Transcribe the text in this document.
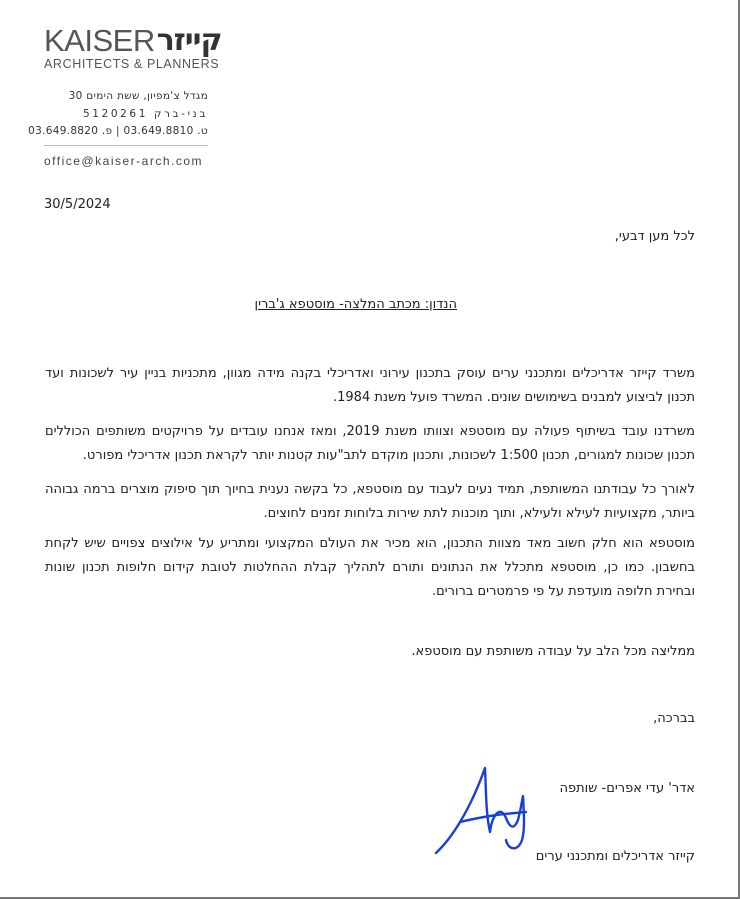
KAISER קייזר
ARCHITECTS & PLANNERS
מגדל צ'מפיון, ששת הימים 30
בני-ברק 5120261
ט. 03.649.8810 | פ. 03.649.8820
office@kaiser-arch.com
30/5/2024
לכל מען דבעי,
הנדון: מכתב המלצה- מוסטפא ג'ברין

משרד קייזר אדריכלים ומתכנני ערים עוסק בתכנון עירוני ואדריכלי בקנה מידה מגוון, מתכניות בניין עיר לשכונות ועד תכנון לביצוע למבנים בשימושים שונים. המשרד פועל משנת 1984.

משרדנו עובד בשיתוף פעולה עם מוסטפא וצוותו משנת 2019, ומאז אנחנו עובדים על פרויקטים משותפים הכוללים תכנון שכונות למגורים, תכנון 1:500 לשכונות, ותכנון מוקדם לתב"עות קטנות יותר לקראת תכנון אדריכלי מפורט.

לאורך כל עבודתנו המשותפת, תמיד נעים לעבוד עם מוסטפא, כל בקשה נענית בחיוך תוך סיפוק מוצרים ברמה גבוהה ביותר, מקצועיות לעילא ולעילא, ותוך מוכנות לתת שירות בלוחות זמנים לחוצים.

מוסטפא הוא חלק חשוב מאד מצוות התכנון, הוא מכיר את העולם המקצועי ומתריע על אילוצים צפויים שיש לקחת בחשבון. כמו כן, מוסטפא מתכלל את הנתונים ותורם לתהליך קבלת ההחלטות לטובת קידום חלופות תכנון שונות ובחירת חלופה מועדפת על פי פרמטרים ברורים.

ממליצה מכל הלב על עבודה משותפת עם מוסטפא.
בברכה,
אדר' עדי אפרים- שותפה
קייזר אדריכלים ומתכנני ערים
